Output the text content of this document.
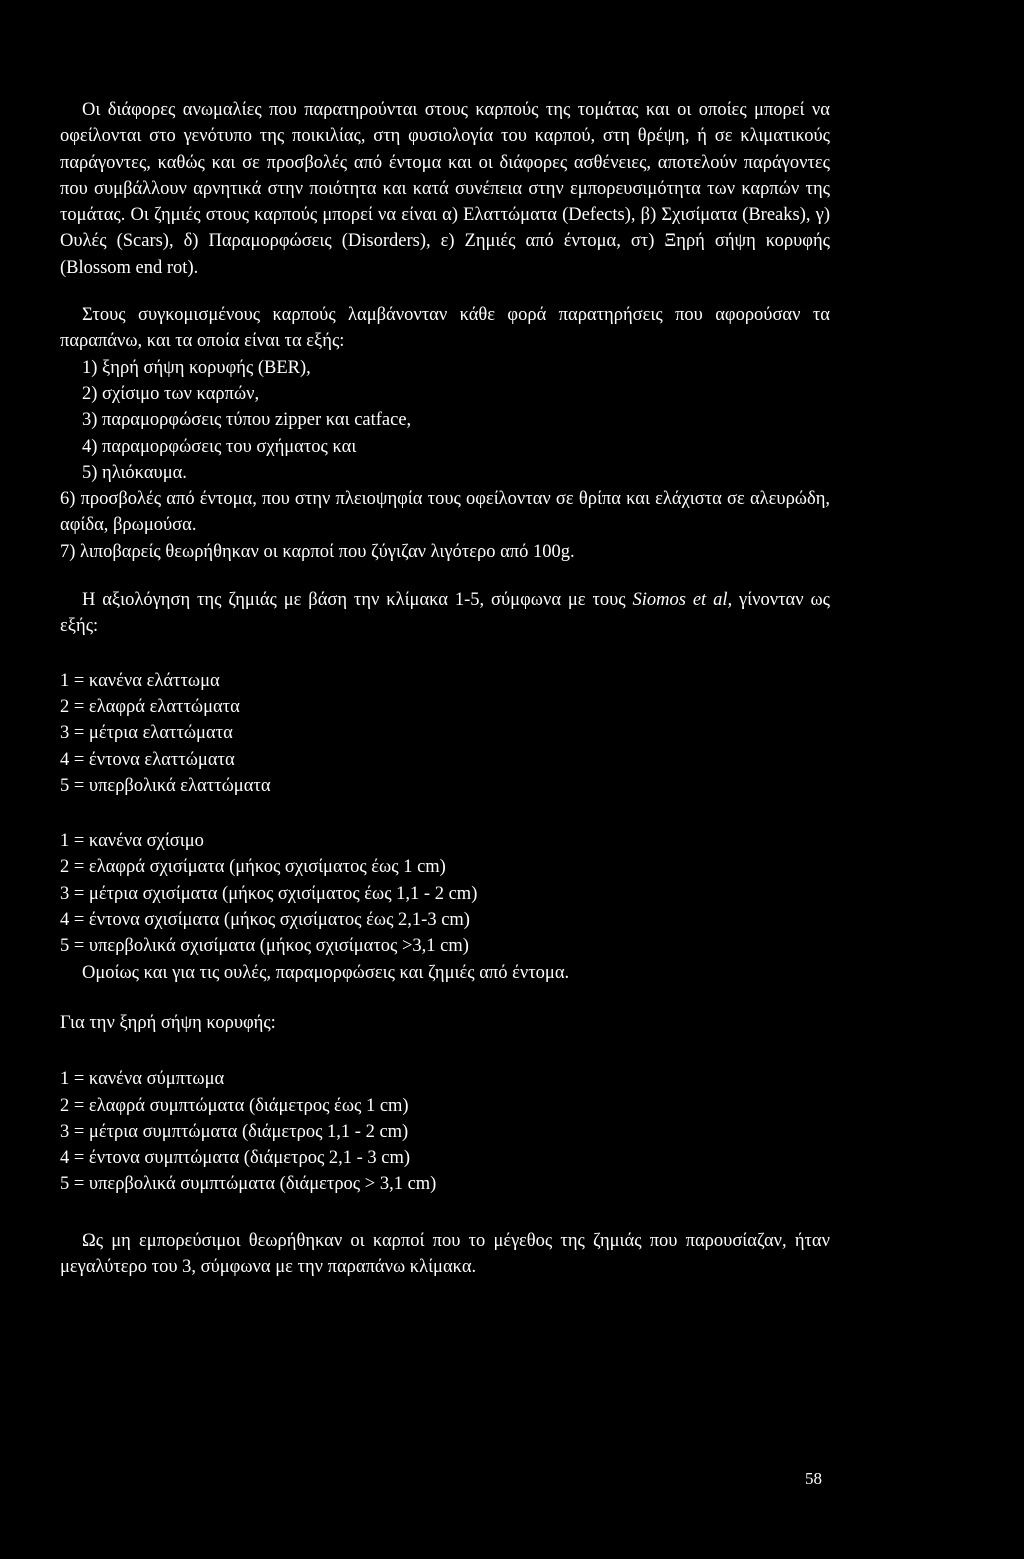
Οι διάφορες ανωμαλίες που παρατηρούνται στους καρπούς της τομάτας και οι οποίες μπορεί να οφείλονται στο γενότυπο της ποικιλίας, στη φυσιολογία του καρπού, στη θρέψη, ή σε κλιματικούς παράγοντες, καθώς και σε προσβολές από έντομα και οι διάφορες ασθένειες, αποτελούν παράγοντες που συμβάλλουν αρνητικά στην ποιότητα και κατά συνέπεια στην εμπορευσιμότητα των καρπών της τομάτας. Οι ζημιές στους καρπούς μπορεί να είναι α) Ελαττώματα (Defects), β) Σχισίματα (Breaks), γ) Ουλές (Scars), δ) Παραμορφώσεις (Disorders), ε) Ζημιές από έντομα, στ) Ξηρή σήψη κορυφής (Blossom end rot).

Στους συγκομισμένους καρπούς λαμβάνονταν κάθε φορά παρατηρήσεις που αφορούσαν τα παραπάνω, και τα οποία είναι τα εξής:

1) ξηρή σήψη κορυφής (BER),

2) σχίσιμο των καρπών,

3) παραμορφώσεις τύπου zipper και catface,

4) παραμορφώσεις του σχήματος και

5) ηλιόκαυμα.

6) προσβολές από έντομα, που στην πλειοψηφία τους οφείλονταν σε θρίπα και ελάχιστα σε αλευρώδη, αφίδα, βρωμούσα.

7) λιποβαρείς θεωρήθηκαν οι καρποί που ζύγιζαν λιγότερο από 100g.

Η αξιολόγηση της ζημιάς με βάση την κλίμακα 1-5, σύμφωνα με τους Siomos et al, γίνονταν ως εξής:

1 = κανένα ελάττωμα

2 = ελαφρά ελαττώματα

3 = μέτρια ελαττώματα

4 = έντονα ελαττώματα

5 = υπερβολικά ελαττώματα

1 = κανένα σχίσιμο

2 = ελαφρά σχισίματα (μήκος σχισίματος έως 1 cm)

3 = μέτρια σχισίματα (μήκος σχισίματος έως 1,1 - 2 cm)

4 = έντονα σχισίματα (μήκος σχισίματος έως 2,1-3 cm)

5 = υπερβολικά σχισίματα (μήκος σχισίματος >3,1 cm)

Ομοίως και για τις ουλές, παραμορφώσεις και ζημιές από έντομα.

Για την ξηρή σήψη κορυφής:

1 = κανένα σύμπτωμα

2 = ελαφρά συμπτώματα (διάμετρος έως 1 cm)

3 = μέτρια συμπτώματα (διάμετρος 1,1 - 2 cm)

4 = έντονα συμπτώματα (διάμετρος 2,1 - 3 cm)

5 = υπερβολικά συμπτώματα (διάμετρος > 3,1 cm)

Ως μη εμπορεύσιμοι θεωρήθηκαν οι καρποί που το μέγεθος της ζημιάς που παρουσίαζαν, ήταν μεγαλύτερο του 3, σύμφωνα με την παραπάνω κλίμακα.

58
